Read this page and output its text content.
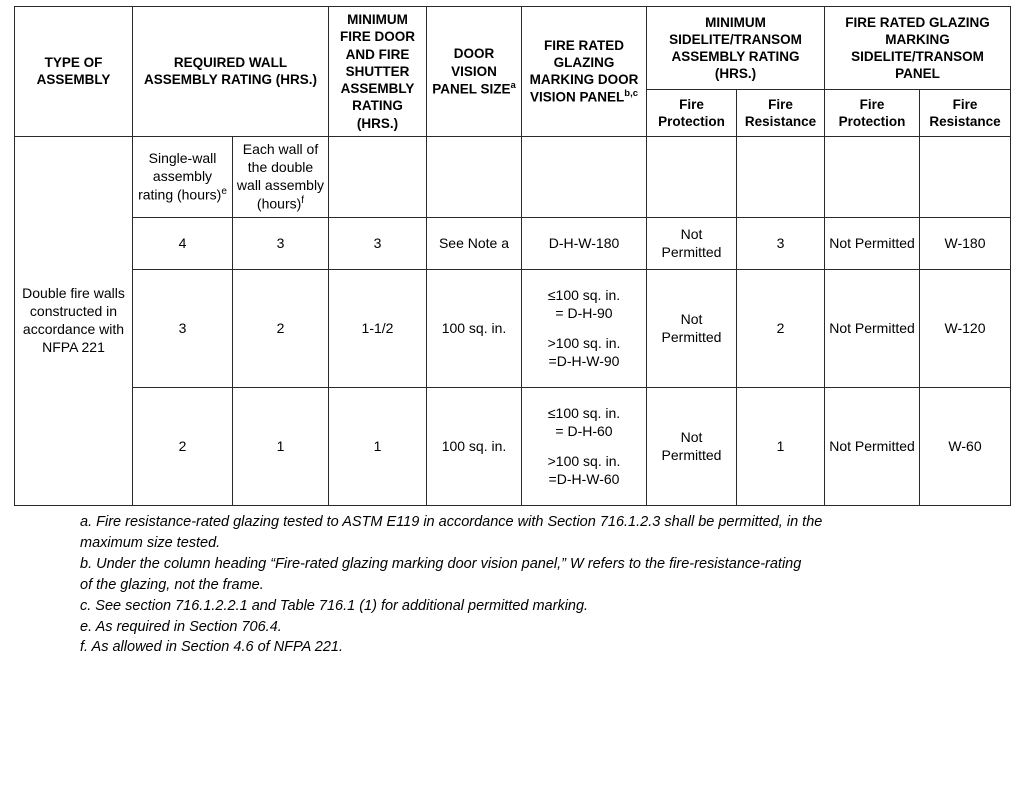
TYPE OF ASSEMBLY	REQUIRED WALL ASSEMBLY RATING (HRS.)		MINIMUM FIRE DOOR AND FIRE SHUTTER ASSEMBLY RATING (HRS.)	DOOR VISION PANEL SIZE$^a$	FIRE RATED GLAZING MARKING DOOR VISION PANEL$^{b,c}$	MINIMUM SIDELITE/TRANSOM ASSEMBLY RATING (HRS.)		FIRE RATED GLAZING MARKING SIDELITE/TRANSOM PANEL	
						Fire Protection	Fire Resistance	Fire Protection	Fire Resistance
Double fire walls constructed in accordance with NFPA 221	Single-wall assembly rating (hours)$^e$	Each wall of the double wall assembly (hours)$^f$							
	4	3	3	See Note a	D-H-W-180	Not Permitted	3	Not Permitted	W-180
	3	2	1-1/2	100 sq. in.	≤100 sq. in.
= D-H-90
>100 sq. in.
=D-H-W-90	Not Permitted	2	Not Permitted	W-120
	2	1	1	100 sq. in.	≤100 sq. in.
= D-H-60
>100 sq. in.
=D-H-W-60	Not Permitted	1	Not Permitted	W-60
a. Fire resistance-rated glazing tested to ASTM E119 in accordance with Section 716.1.2.3 shall be permitted, in the
maximum size tested.
b. Under the column heading “Fire-rated glazing marking door vision panel,” W refers to the fire-resistance-rating
of the glazing, not the frame.
c. See section 716.1.2.2.1 and Table 716.1 (1) for additional permitted marking.
e. As required in Section 706.4.
f. As allowed in Section 4.6 of NFPA 221.
